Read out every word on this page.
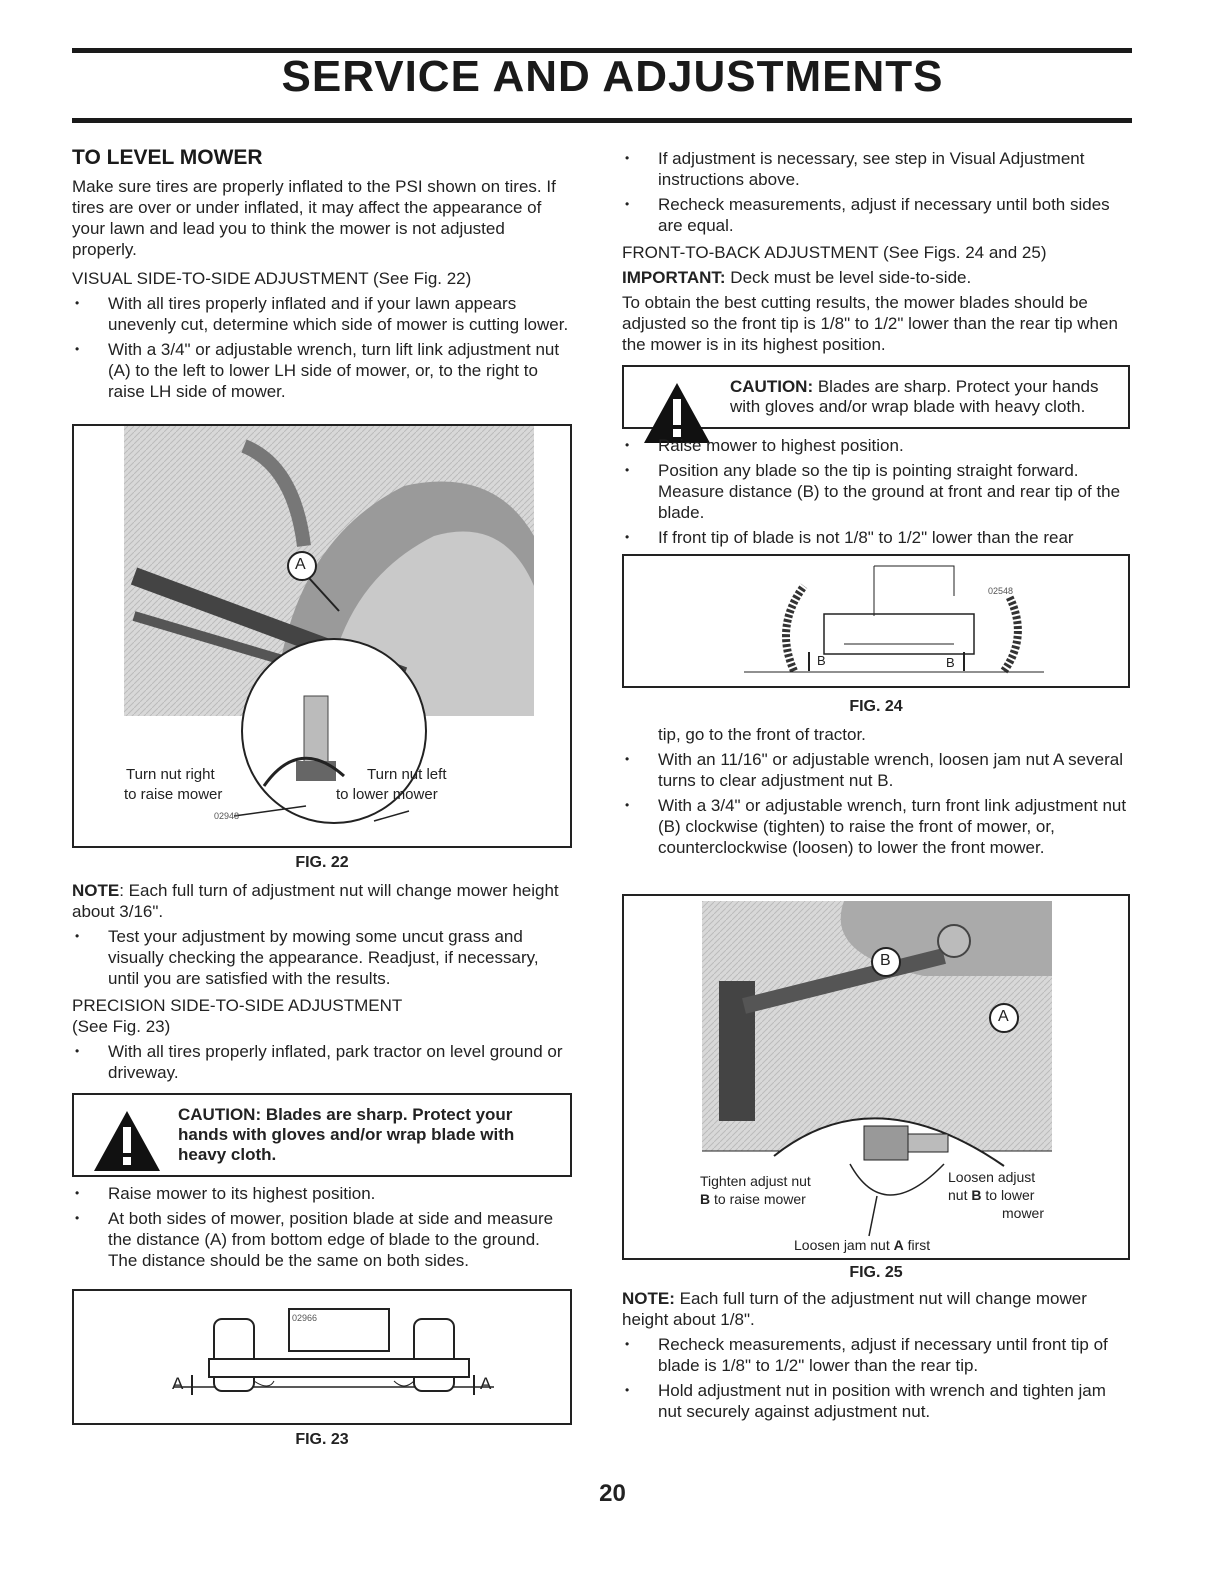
SERVICE AND ADJUSTMENTS
TO LEVEL MOWER

Make sure tires are properly inflated to the PSI shown on tires. If tires are over or under inflated, it may affect the appearance of your lawn and lead you to think the mower is not adjusted properly.

VISUAL SIDE-TO-SIDE ADJUSTMENT (See Fig. 22)
• With all tires properly inflated and if your lawn appears unevenly cut, determine which side of mower is cutting lower.
• With a 3/4" or adjustable wrench, turn lift link adjustment nut (A) to the left to lower LH side of mower, or, to the right to raise LH side of mower.
A
Turn nut right
to raise mower
Turn nut left
to lower mower
02948
FIG. 22

NOTE: Each full turn of adjustment nut will change mower height about 3/16".

• Test your adjustment by mowing some uncut grass and visually checking the appearance. Readjust, if necessary, until you are satisfied with the results.
PRECISION SIDE-TO-SIDE ADJUSTMENT
(See Fig. 23)
• With all tires properly inflated, park tractor on level ground or driveway.
CAUTION: Blades are sharp. Protect your hands with gloves and/or wrap blade with heavy cloth.
• Raise mower to its highest position.
• At both sides of mower, position blade at side and measure the distance (A) from bottom edge of blade to the ground. The distance should be the same on both sides.
A	A
02966
FIG. 23
• If adjustment is necessary, see step in Visual Adjustment instructions above.
• Recheck measurements, adjust if necessary until both sides are equal.
FRONT-TO-BACK ADJUSTMENT (See Figs. 24 and 25)

IMPORTANT: Deck must be level side-to-side.

To obtain the best cutting results, the mower blades should be adjusted so the front tip is 1/8" to 1/2" lower than the rear tip when the mower is in its highest position.

CAUTION: Blades are sharp. Protect your hands with gloves and/or wrap blade with heavy cloth.
• Raise mower to highest position.
• Position any blade so the tip is pointing straight forward. Measure distance (B) to the ground at front and rear tip of the blade.
• If front tip of blade is not 1/8" to 1/2" lower than the rear
B	B
02548
FIG. 24

tip, go to the front of tractor.

• With an 11/16" or adjustable wrench, loosen jam nut A several turns to clear adjustment nut B.
• With a 3/4" or adjustable wrench, turn front link adjustment nut (B) clockwise (tighten) to raise the front of mower, or, counterclockwise (loosen) to lower the front mower.
B
A
Tighten adjust nut
B to raise mower
Loosen adjust
nut B to lower
mower
Loosen jam nut A first
FIG. 25

NOTE: Each full turn of the adjustment nut will change mower height about 1/8".

• Recheck measurements, adjust if necessary until front tip of blade is 1/8" to 1/2" lower than the rear tip.
• Hold adjustment nut in position with wrench and tighten jam nut securely against adjustment nut.
20
